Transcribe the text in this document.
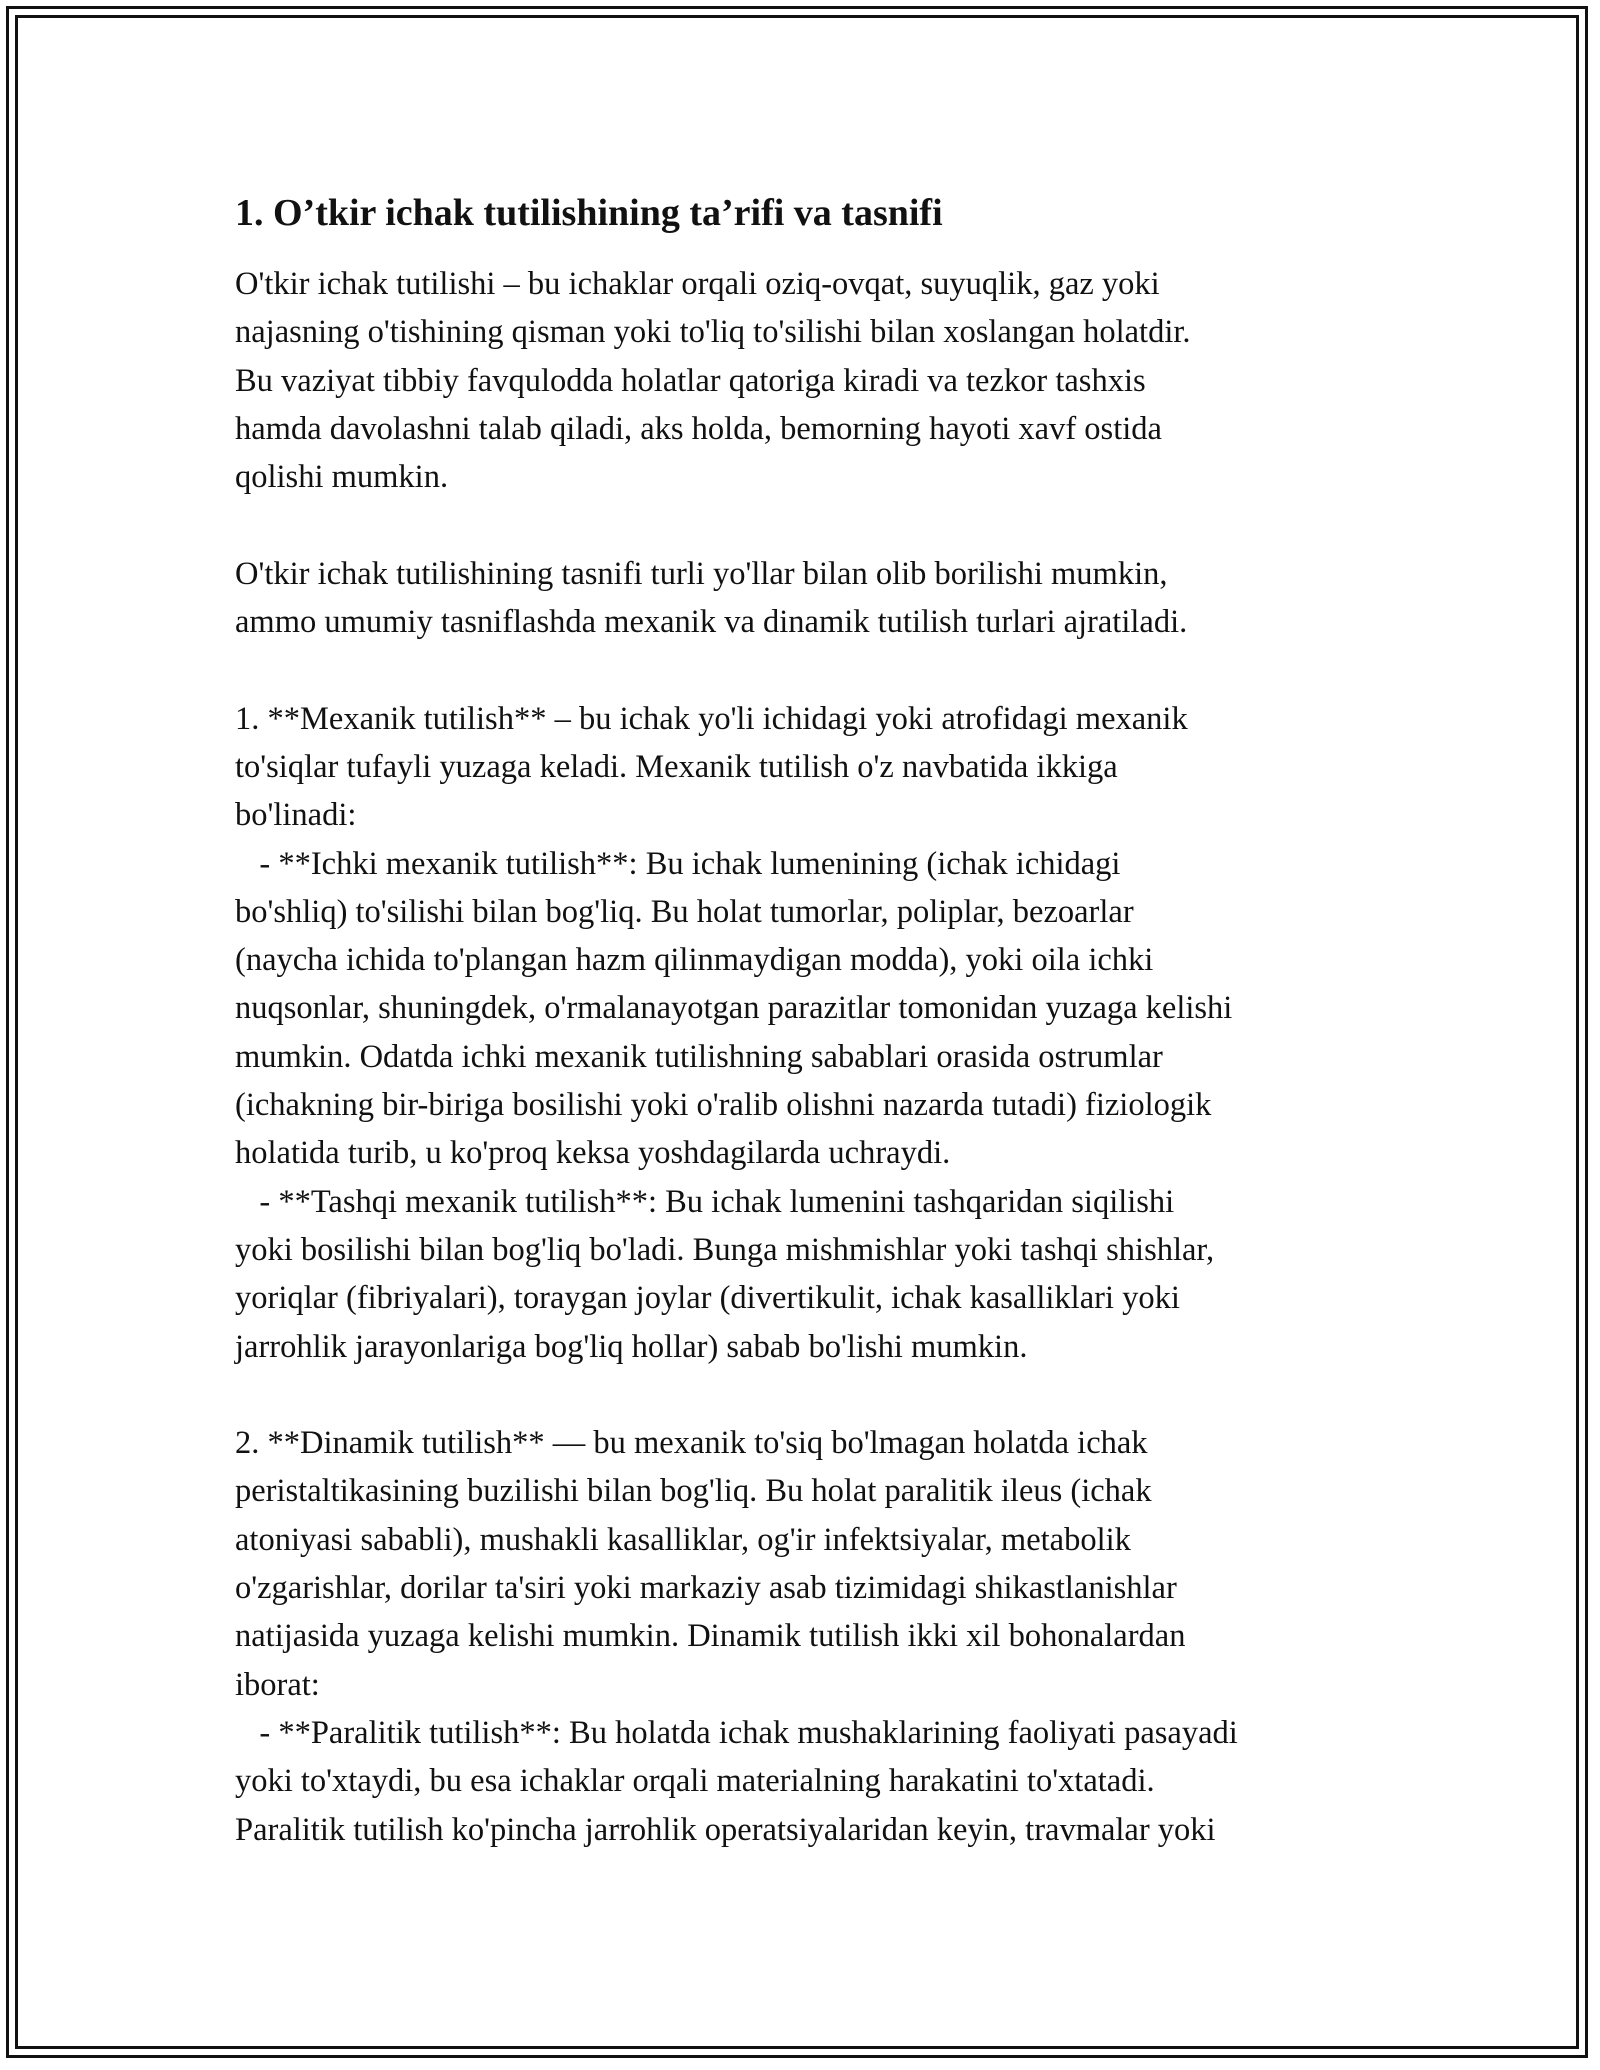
1. O’tkir ichak tutilishining ta’rifi va tasnifi

O'tkir ichak tutilishi – bu ichaklar orqali oziq-ovqat, suyuqlik, gaz yoki
najasning o'tishining qisman yoki to'liq to'silishi bilan xoslangan holatdir.
Bu vaziyat tibbiy favqulodda holatlar qatoriga kiradi va tezkor tashxis
hamda davolashni talab qiladi, aks holda, bemorning hayoti xavf ostida
qolishi mumkin.

O'tkir ichak tutilishining tasnifi turli yo'llar bilan olib borilishi mumkin,
ammo umumiy tasniflashda mexanik va dinamik tutilish turlari ajratiladi.

1. **Mexanik tutilish** – bu ichak yo'li ichidagi yoki atrofidagi mexanik
to'siqlar tufayli yuzaga keladi. Mexanik tutilish o'z navbatida ikkiga
bo'linadi:
- **Ichki mexanik tutilish**: Bu ichak lumenining (ichak ichidagi
bo'shliq) to'silishi bilan bog'liq. Bu holat tumorlar, poliplar, bezoarlar
(naycha ichida to'plangan hazm qilinmaydigan modda), yoki oila ichki
nuqsonlar, shuningdek, o'rmalanayotgan parazitlar tomonidan yuzaga kelishi
mumkin. Odatda ichki mexanik tutilishning sabablari orasida ostrumlar
(ichakning bir-biriga bosilishi yoki o'ralib olishni nazarda tutadi) fiziologik
holatida turib, u ko'proq keksa yoshdagilarda uchraydi.
- **Tashqi mexanik tutilish**: Bu ichak lumenini tashqaridan siqilishi
yoki bosilishi bilan bog'liq bo'ladi. Bunga mishmishlar yoki tashqi shishlar,
yoriqlar (fibriyalari), toraygan joylar (divertikulit, ichak kasalliklari yoki
jarrohlik jarayonlariga bog'liq hollar) sabab bo'lishi mumkin.

2. **Dinamik tutilish** — bu mexanik to'siq bo'lmagan holatda ichak
peristaltikasining buzilishi bilan bog'liq. Bu holat paralitik ileus (ichak
atoniyasi sababli), mushakli kasalliklar, og'ir infektsiyalar, metabolik
o'zgarishlar, dorilar ta'siri yoki markaziy asab tizimidagi shikastlanishlar
natijasida yuzaga kelishi mumkin. Dinamik tutilish ikki xil bohonalardan
iborat:
- **Paralitik tutilish**: Bu holatda ichak mushaklarining faoliyati pasayadi
yoki to'xtaydi, bu esa ichaklar orqali materialning harakatini to'xtatadi.
Paralitik tutilish ko'pincha jarrohlik operatsiyalaridan keyin, travmalar yoki
